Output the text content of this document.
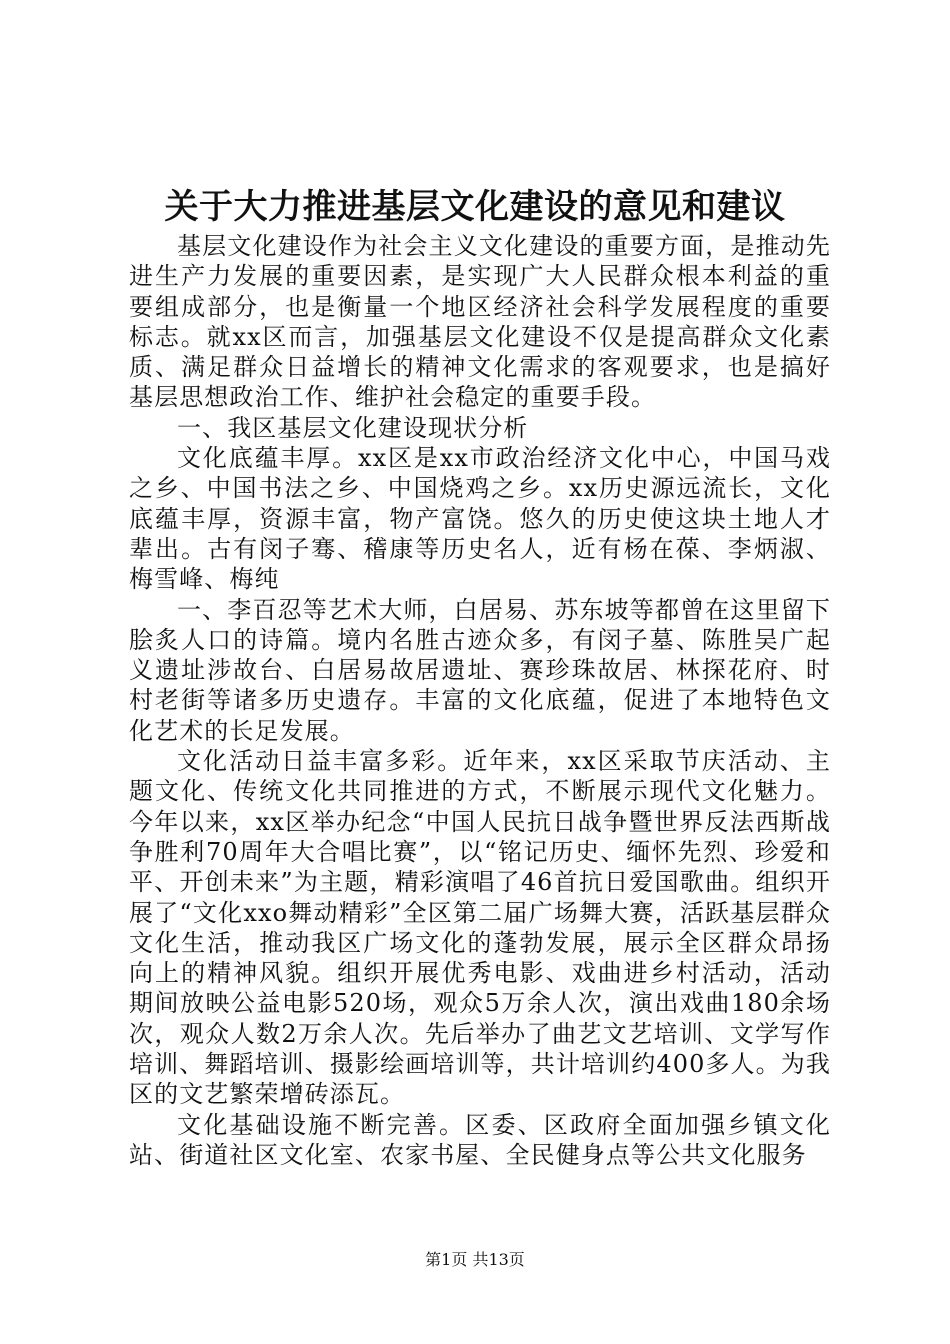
关于大力推进基层文化建设的意见和建议

基层文化建设作为社会主义文化建设的重要方面，是推动先进生产力发展的重要因素，是实现广大人民群众根本利益的重要组成部分，也是衡量一个地区经济社会科学发展程度的重要标志。就xx区而言，加强基层文化建设不仅是提高群众文化素质、满足群众日益增长的精神文化需求的客观要求，也是搞好基层思想政治工作、维护社会稳定的重要手段。

一、我区基层文化建设现状分析

文化底蕴丰厚。xx区是xx市政治经济文化中心，中国马戏之乡、中国书法之乡、中国烧鸡之乡。xx历史源远流长，文化底蕴丰厚，资源丰富，物产富饶。悠久的历史使这块土地人才辈出。古有闵子骞、稽康等历史名人，近有杨在葆、李炳淑、梅雪峰、梅纯

一、李百忍等艺术大师，白居易、苏东坡等都曾在这里留下脍炙人口的诗篇。境内名胜古迹众多，有闵子墓、陈胜吴广起义遗址涉故台、白居易故居遗址、赛珍珠故居、林探花府、时村老街等诸多历史遗存。丰富的文化底蕴，促进了本地特色文化艺术的长足发展。

文化活动日益丰富多彩。近年来，xx区采取节庆活动、主题文化、传统文化共同推进的方式，不断展示现代文化魅力。今年以来，xx区举办纪念“中国人民抗日战争暨世界反法西斯战争胜利70周年大合唱比赛”，以“铭记历史、缅怀先烈、珍爱和平、开创未来”为主题，精彩演唱了46首抗日爱国歌曲。组织开展了“文化xxo舞动精彩”全区第二届广场舞大赛，活跃基层群众文化生活，推动我区广场文化的蓬勃发展，展示全区群众昂扬向上的精神风貌。组织开展优秀电影、戏曲进乡村活动，活动期间放映公益电影520场，观众5万余人次，演出戏曲180余场次，观众人数2万余人次。先后举办了曲艺文艺培训、文学写作培训、舞蹈培训、摄影绘画培训等，共计培训约400多人。为我区的文艺繁荣增砖添瓦。

文化基础设施不断完善。区委、区政府全面加强乡镇文化站、街道社区文化室、农家书屋、全民健身点等公共文化服务

第1页 共13页
